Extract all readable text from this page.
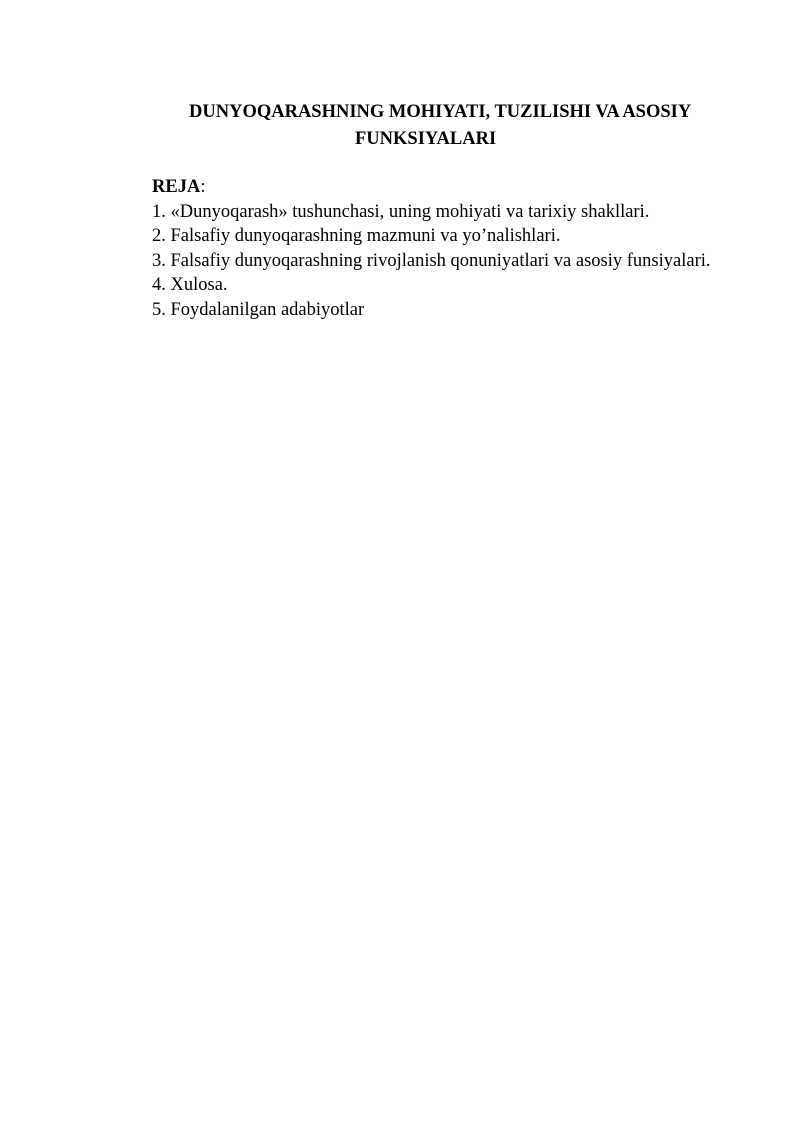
DUNYOQARASHNING MOHIYATI, TUZILISHI VA ASOSIY
FUNKSIYALARI

REJA:

1. «Dunyoqarash» tushunchasi, uning mohiyati va tarixiy shakllari.
2. Falsafiy dunyoqarashning mazmuni va yo’nalishlari.
3. Falsafiy dunyoqarashning rivojlanish qonuniyatlari va asosiy funsiyalari.
4. Xulosa.
5. Foydalanilgan adabiyotlar
